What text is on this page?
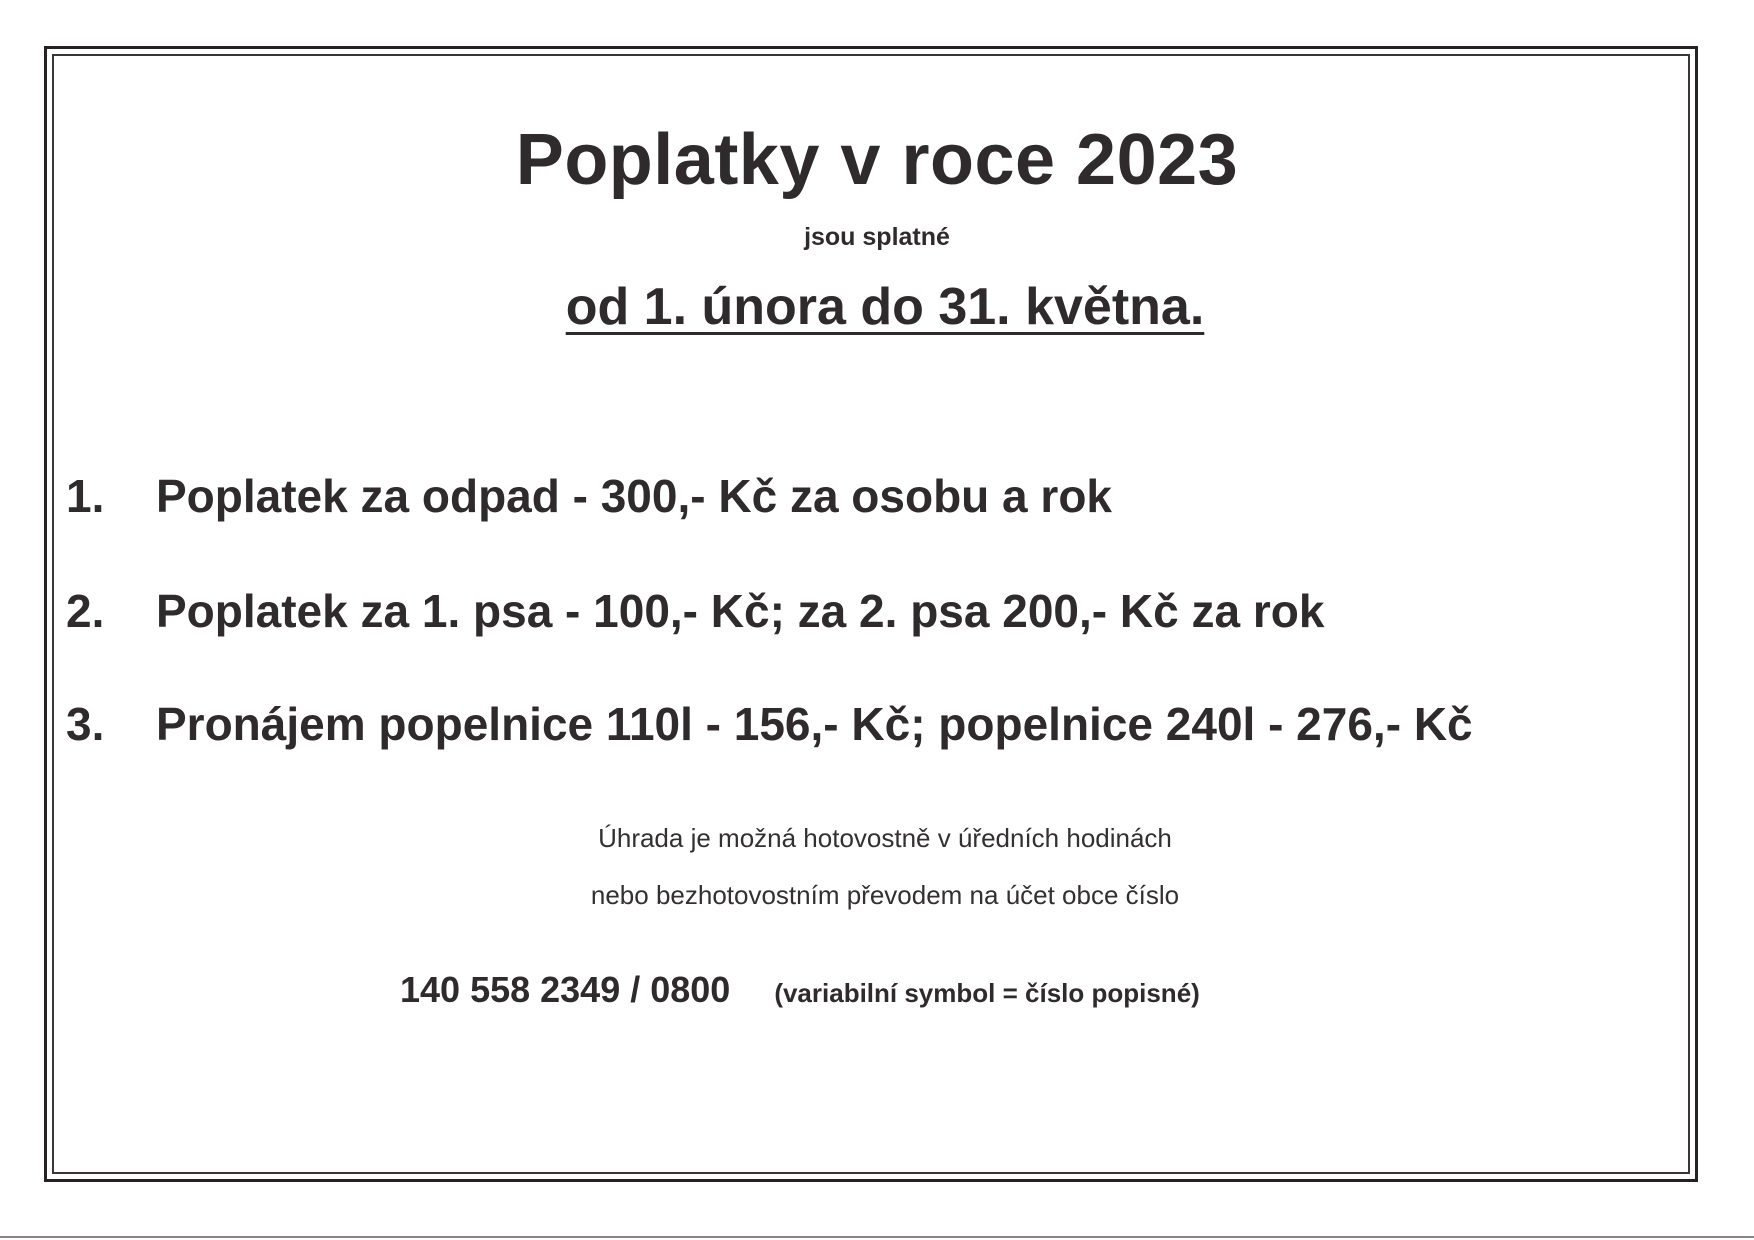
Poplatky v roce 2023
jsou splatné
od 1. února do 31. května.
1. Poplatek za odpad - 300,- Kč za osobu a rok
2. Poplatek za 1. psa - 100,- Kč; za 2. psa 200,- Kč za rok
3. Pronájem popelnice 110l - 156,- Kč; popelnice 240l - 276,- Kč
Úhrada je možná hotovostně v úředních hodinách
nebo bezhotovostním převodem na účet obce číslo
140 558 2349 / 0800 (variabilní symbol = číslo popisné)
